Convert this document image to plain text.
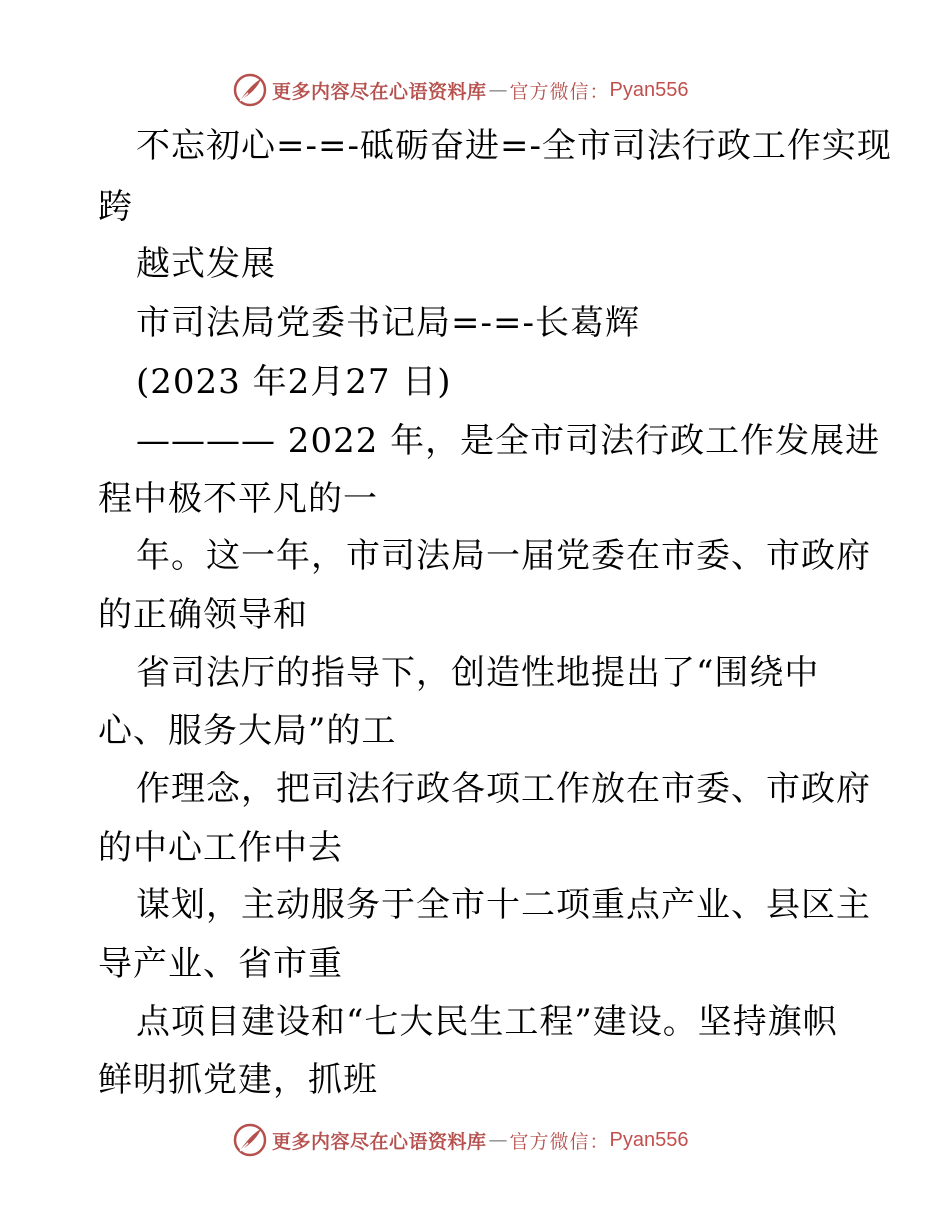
更多内容尽在心语资料库 — 官方微信： Pyan556
不忘初心=-=-砥砺奋进=-全市司法行政工作实现
跨
越式发展
市司法局党委书记局=-=-长葛辉
(2023 年2月27 日)
———— 2022 年，是全市司法行政工作发展进
程中极不平凡的一
年。这一年，市司法局一届党委在市委、市政府
的正确领导和
省司法厅的指导下，创造性地提出了“围绕中
心、服务大局”的工
作理念，把司法行政各项工作放在市委、市政府
的中心工作中去
谋划，主动服务于全市十二项重点产业、县区主
导产业、省市重
点项目建设和“七大民生工程”建设。坚持旗帜
鲜明抓党建，抓班
更多内容尽在心语资料库 — 官方微信： Pyan556
